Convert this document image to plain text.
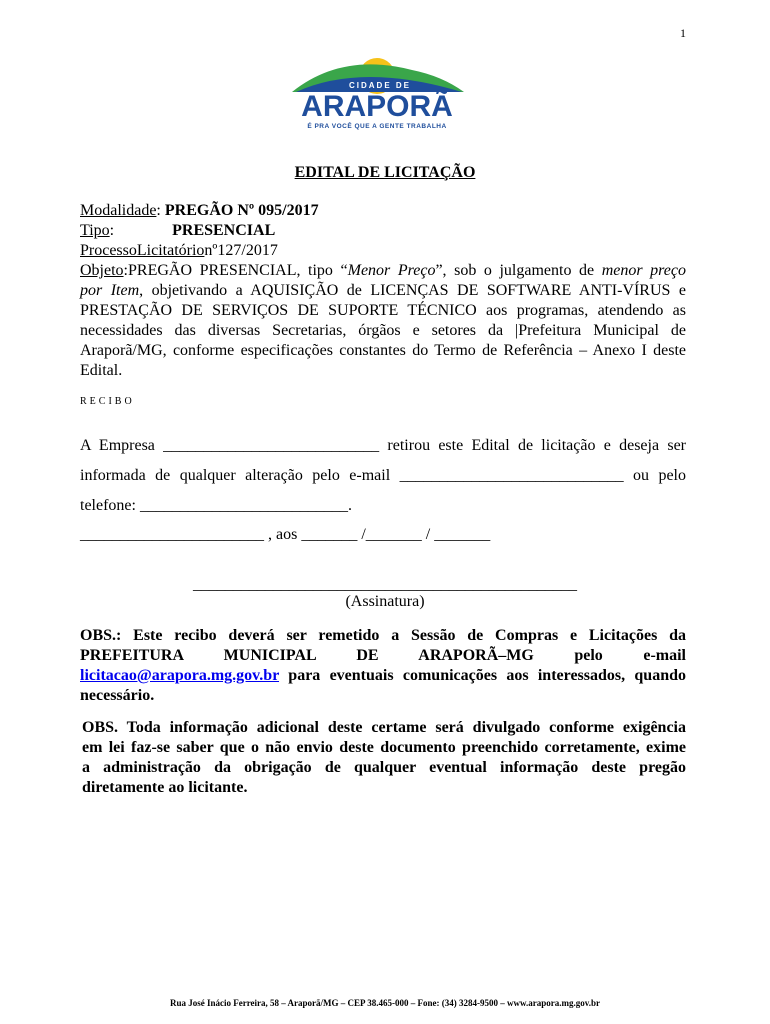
1
CIDADE DE
ARAPORÃ
É PRA VOCÊ QUE A GENTE TRABALHA
EDITAL DE LICITAÇÃO
Modalidade: PREGÃO Nº 095/2017
Tipo:	PRESENCIAL
ProcessoLicitatórionº127/2017
Objeto:PREGÃO PRESENCIAL, tipo “Menor Preço”, sob o julgamento de menor preço
por Item, objetivando a AQUISIÇÃO de LICENÇAS DE SOFTWARE ANTI-VÍRUS e
PRESTAÇÃO DE SERVIÇOS DE SUPORTE TÉCNICO aos programas, atendendo as
necessidades das diversas Secretarias, órgãos e setores da |Prefeitura Municipal de
Araporã/MG, conforme especificações constantes do Termo de Referência – Anexo I deste
Edital.
RECIBO
A Empresa ___________________________ retirou este Edital de licitação e deseja ser
informada de qualquer alteração pelo e-mail ____________________________ ou pelo
telefone: __________________________.
_______________________ , aos _______ /_______ / _______
________________________________________________
(Assinatura)
OBS.: Este recibo deverá ser remetido a Sessão de Compras e Licitações da
PREFEITURA MUNICIPAL DE ARAPORÃ–MG pelo e-mail
licitacao@arapora.mg.gov.br para eventuais comunicações aos interessados, quando
necessário.
OBS. Toda informação adicional deste certame será divulgado conforme exigência
em lei faz-se saber que o não envio deste documento preenchido corretamente, exime
a administração da obrigação de qualquer eventual informação deste pregão
diretamente ao licitante.
Rua José Inácio Ferreira, 58 – Araporã/MG – CEP 38.465-000 – Fone: (34) 3284-9500 – www.arapora.mg.gov.br
